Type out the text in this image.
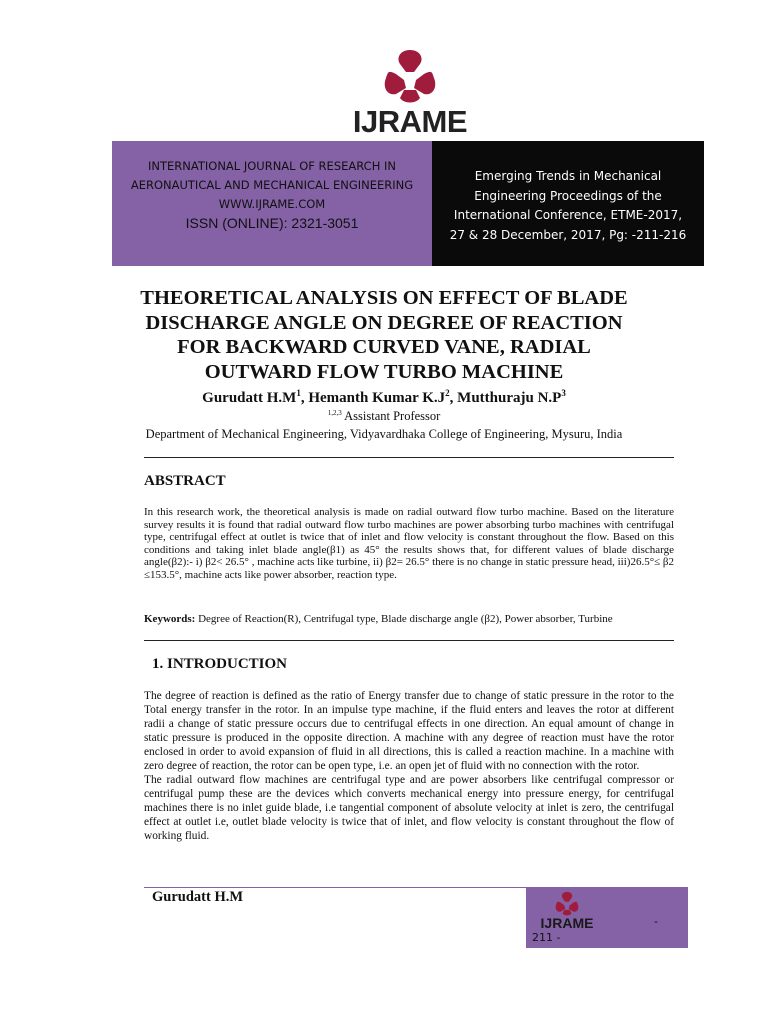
IJRAME
INTERNATIONAL JOURNAL OF RESEARCH IN
AERONAUTICAL AND MECHANICAL ENGINEERING
WWW.IJRAME.COM
ISSN (ONLINE): 2321-3051
Emerging Trends in Mechanical
Engineering Proceedings of the
International Conference, ETME-2017,
27 & 28 December, 2017, Pg: -211-216
THEORETICAL ANALYSIS ON EFFECT OF BLADE
DISCHARGE ANGLE ON DEGREE OF REACTION
FOR BACKWARD CURVED VANE, RADIAL
OUTWARD FLOW TURBO MACHINE
Gurudatt $H.M^1$, Hemanth Kumar $K.J^2$, Mutthuraju $N.P^3$
$^{1,2,3}$ Assistant Professor
Department of Mechanical Engineering, Vidyavardhaka College of Engineering, Mysuru, India
ABSTRACT

In this research work, the theoretical analysis is made on radial outward flow turbo machine. Based on the literature survey results it is found that radial outward flow turbo machines are power absorbing turbo machines with centrifugal type, centrifugal effect at outlet is twice that of inlet and flow velocity is constant throughout the flow. Based on this conditions and taking inlet blade angle(β1) as 45° the results shows that, for different values of blade discharge angle(β2):- i) β2< 26.5° , machine acts like turbine, ii) β2= 26.5° there is no change in static pressure head, iii)26.5°≤ β2 ≤153.5°, machine acts like power absorber, reaction type.

Keywords: Degree of Reaction(R), Centrifugal type, Blade discharge angle (β2), Power absorber, Turbine
1. INTRODUCTION

The degree of reaction is defined as the ratio of Energy transfer due to change of static pressure in the rotor to the Total energy transfer in the rotor. In an impulse type machine, if the fluid enters and leaves the rotor at different radii a change of static pressure occurs due to centrifugal effects in one direction. An equal amount of change in static pressure is produced in the opposite direction. A machine with any degree of reaction must have the rotor enclosed in order to avoid expansion of fluid in all directions, this is called a reaction machine. In a machine with zero degree of reaction, the rotor can be open type, i.e. an open jet of fluid with no connection with the rotor.

The radial outward flow machines are centrifugal type and are power absorbers like centrifugal compressor or centrifugal pump these are the devices which converts mechanical energy into pressure energy, for centrifugal machines there is no inlet guide blade, i.e tangential component of absolute velocity at inlet is zero, the centrifugal effect at outlet i.e, outlet blade velocity is twice that of inlet, and flow velocity is constant throughout the flow of working fluid.

Gurudatt H.M
IJRAME	-
211 -
